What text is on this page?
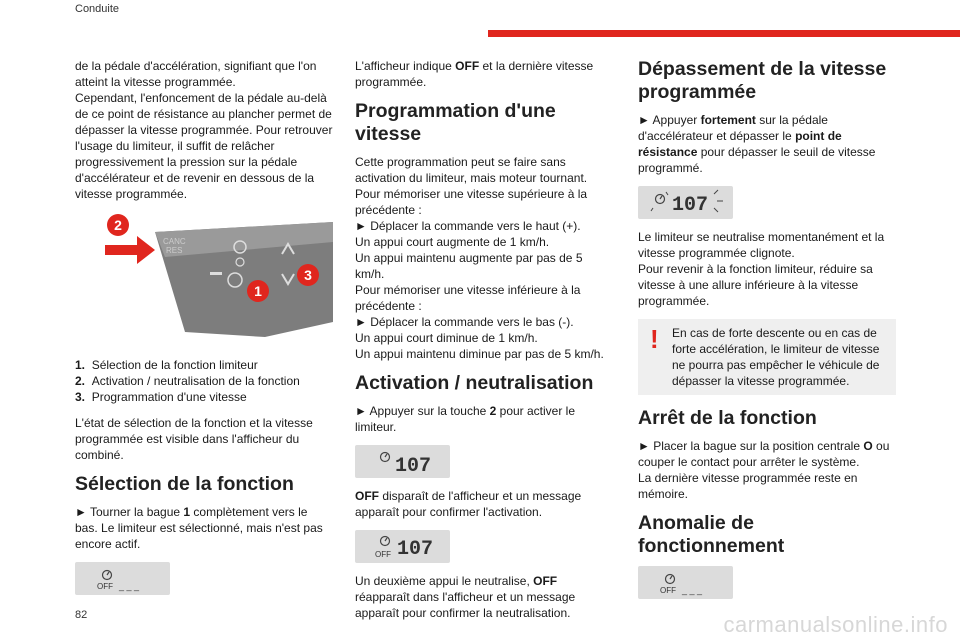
Conduite

de la pédale d'accélération, signifiant que l'on atteint la vitesse programmée.

Cependant, l'enfoncement de la pédale au-delà de ce point de résistance au plancher permet de dépasser la vitesse programmée. Pour retrouver l'usage du limiteur, il suffit de relâcher progressivement la pression sur la pédale d'accélérateur et de revenir en dessous de la vitesse programmée.

CANC
RES
2
1
3
1. Sélection de la fonction limiteur
2. Activation / neutralisation de la fonction
3. Programmation d'une vitesse

L'état de sélection de la fonction et la vitesse programmée est visible dans l'afficheur du combiné.

Sélection de la fonction

► Tourner la bague 1 complètement vers le bas. Le limiteur est sélectionné, mais n'est pas encore actif.

OFF _ _ _

L'afficheur indique OFF et la dernière vitesse programmée.

Programmation d'une vitesse

Cette programmation peut se faire sans activation du limiteur, mais moteur tournant.
Pour mémoriser une vitesse supérieure à la précédente :
► Déplacer la commande vers le haut (+).
Un appui court augmente de 1 km/h.
Un appui maintenu augmente par pas de 5 km/h.
Pour mémoriser une vitesse inférieure à la précédente :
► Déplacer la commande vers le bas (-).
Un appui court diminue de 1 km/h.
Un appui maintenu diminue par pas de 5 km/h.

Activation / neutralisation

► Appuyer sur la touche 2 pour activer le limiteur.

107

OFF disparaît de l'afficheur et un message apparaît pour confirmer l'activation.

OFF 107

Un deuxième appui le neutralise, OFF réapparaît dans l'afficheur et un message apparaît pour confirmer la neutralisation.

Dépassement de la vitesse programmée

► Appuyer fortement sur la pédale d'accélérateur et dépasser le point de résistance pour dépasser le seuil de vitesse programmé.

107

Le limiteur se neutralise momentanément et la vitesse programmée clignote.
Pour revenir à la fonction limiteur, réduire sa vitesse à une allure inférieure à la vitesse programmée.

! En cas de forte descente ou en cas de forte accélération, le limiteur de vitesse ne pourra pas empêcher le véhicule de dépasser la vitesse programmée.
Arrêt de la fonction

► Placer la bague sur la position centrale O ou couper le contact pour arrêter le système.
La dernière vitesse programmée reste en mémoire.

Anomalie de fonctionnement
OFF _ _ _
82	carmanualsonline.info
